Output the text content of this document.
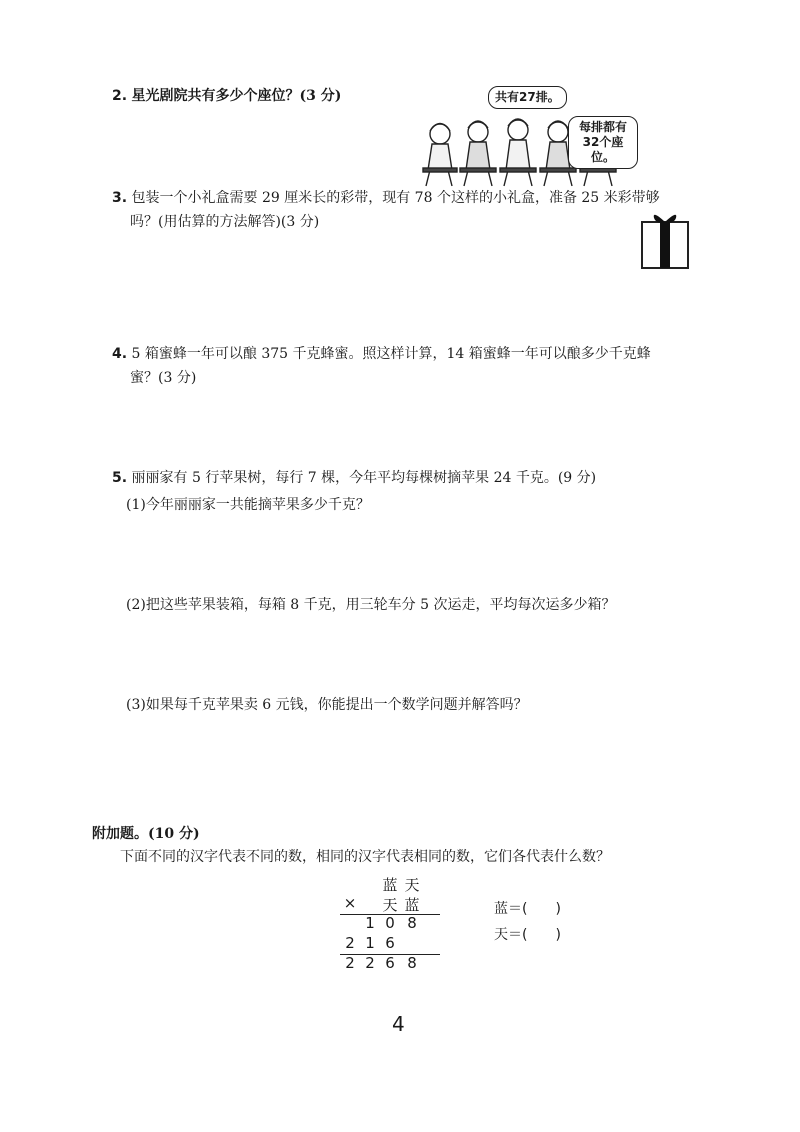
2. 星光剧院共有多少个座位？(3 分)	共有27排。
每排都有
32个座位。
3. 包装一个小礼盒需要 29 厘米长的彩带，现有 78 个这样的小礼盒，准备 25 米彩带够
吗？(用估算的方法解答)(3 分)
4. 5 箱蜜蜂一年可以酿 375 千克蜂蜜。照这样计算，14 箱蜜蜂一年可以酿多少千克蜂
蜜？(3 分)
5. 丽丽家有 5 行苹果树，每行 7 棵，今年平均每棵树摘苹果 24 千克。(9 分)
(1)今年丽丽家一共能摘苹果多少千克？
(2)把这些苹果装箱，每箱 8 千克，用三轮车分 5 次运走，平均每次运多少箱？
(3)如果每千克苹果卖 6 元钱，你能提出一个数学问题并解答吗？
附加题。(10 分)
下面不同的汉字代表不同的数，相同的汉字代表相同的数，它们各代表什么数？
蓝 天
× 天 蓝
1 0 8
2 1 6
2 2 6 8
蓝＝(　　)
天＝(　　)
4
